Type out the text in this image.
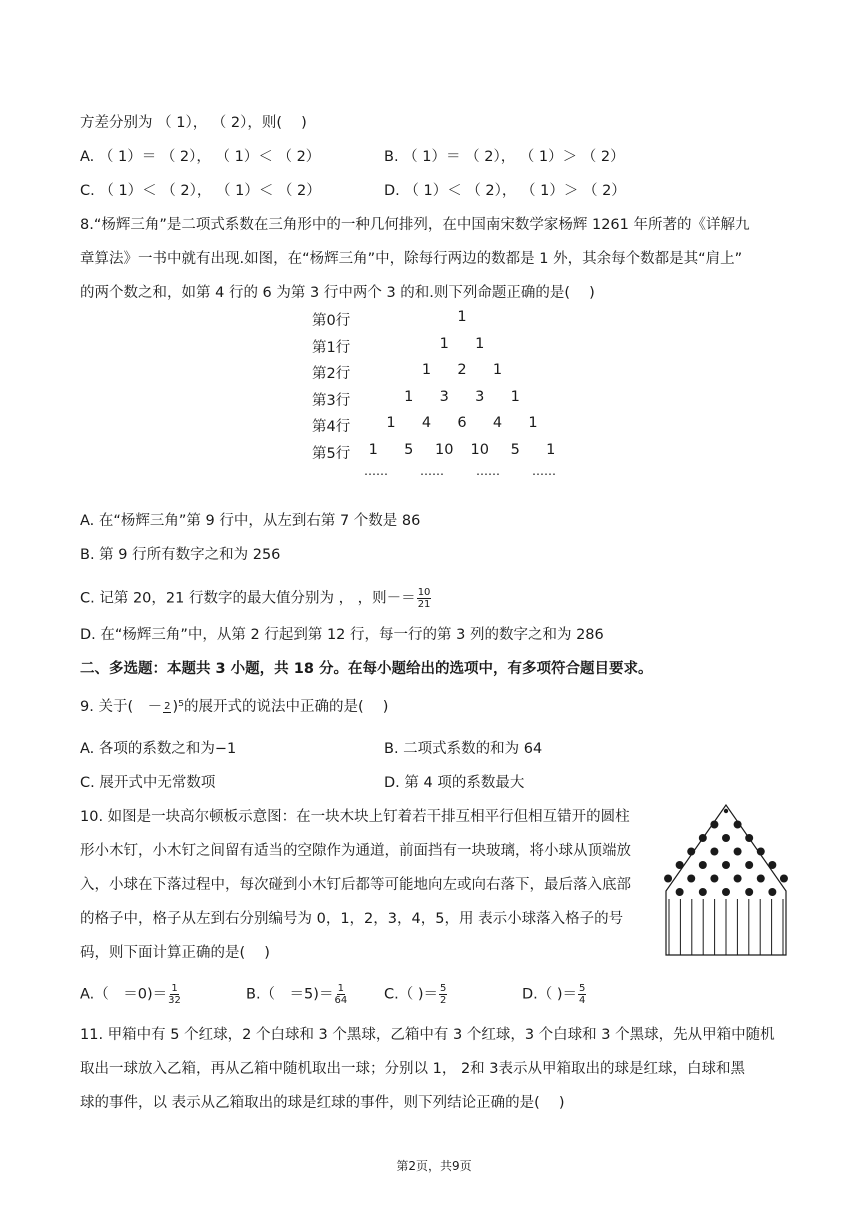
方差分别为 （ 1）， （ 2），则(　 )
A. （ 1）＝ （ 2）， （ 1）＜ （ 2）	B. （ 1）＝ （ 2）， （ 1）＞ （ 2）
C. （ 1）＜ （ 2）， （ 1）＜ （ 2）	D. （ 1）＜ （ 2）， （ 1）＞ （ 2）
8.“杨辉三角”是二项式系数在三角形中的一种几何排列，在中国南宋数学家杨辉 1261 年所著的《详解九
章算法》一书中就有出现.如图，在“杨辉三角”中，除每行两边的数都是 1 外，其余每个数都是其“肩上”
的两个数之和，如第 4 行的 6 为第 3 行中两个 3 的和.则下列命题正确的是(　 )
第0行	1
第1行	1 1
第2行	1 2 1
第3行	1 3 3 1
第4行 1 4 6 4 1
第5行 1 5 10 10 5 1
……	……	……	……
A. 在“杨辉三角”第 9 行中，从左到右第 7 个数是 86
B. 第 9 行所有数字之和为 256
C. 记第 20，21 行数字的最大值分别为 ， ，则－＝ $\frac{10}{21}$
D. 在“杨辉三角”中，从第 2 行起到第 12 行，每一行的第 3 列的数字之和为 286
二、多选题：本题共 3 小题，共 18 分。在每小题给出的选项中，有多项符合题目要求。
9. 关于(　－ 2 )⁵的展开式的说法中正确的是(　 )
A. 各项的系数之和为−1	B. 二项式系数的和为 64
C. 展开式中无常数项	D. 第 4 项的系数最大
10. 如图是一块高尔顿板示意图：在一块木块上钉着若干排互相平行但相互错开的圆柱
形小木钉，小木钉之间留有适当的空隙作为通道，前面挡有一块玻璃，将小球从顶端放
入，小球在下落过程中，每次碰到小木钉后都等可能地向左或向右落下，最后落入底部
的格子中，格子从左到右分别编号为 0，1，2，3，4，5，用 表示小球落入格子的号
码，则下面计算正确的是(　 )
A.（　$=0)= \frac{1}{32}$	B.（　$=5)= \frac{1}{64}$	C.（ )＝ $\frac{5}{2}$	D.（ )＝ $\frac{5}{4}$
11. 甲箱中有 5 个红球，2 个白球和 3 个黑球，乙箱中有 3 个红球，3 个白球和 3 个黑球，先从甲箱中随机
取出一球放入乙箱，再从乙箱中随机取出一球；分别以 1， 2和 3表示从甲箱取出的球是红球，白球和黑
球的事件，以 表示从乙箱取出的球是红球的事件，则下列结论正确的是(　 )
第2页，共9页
